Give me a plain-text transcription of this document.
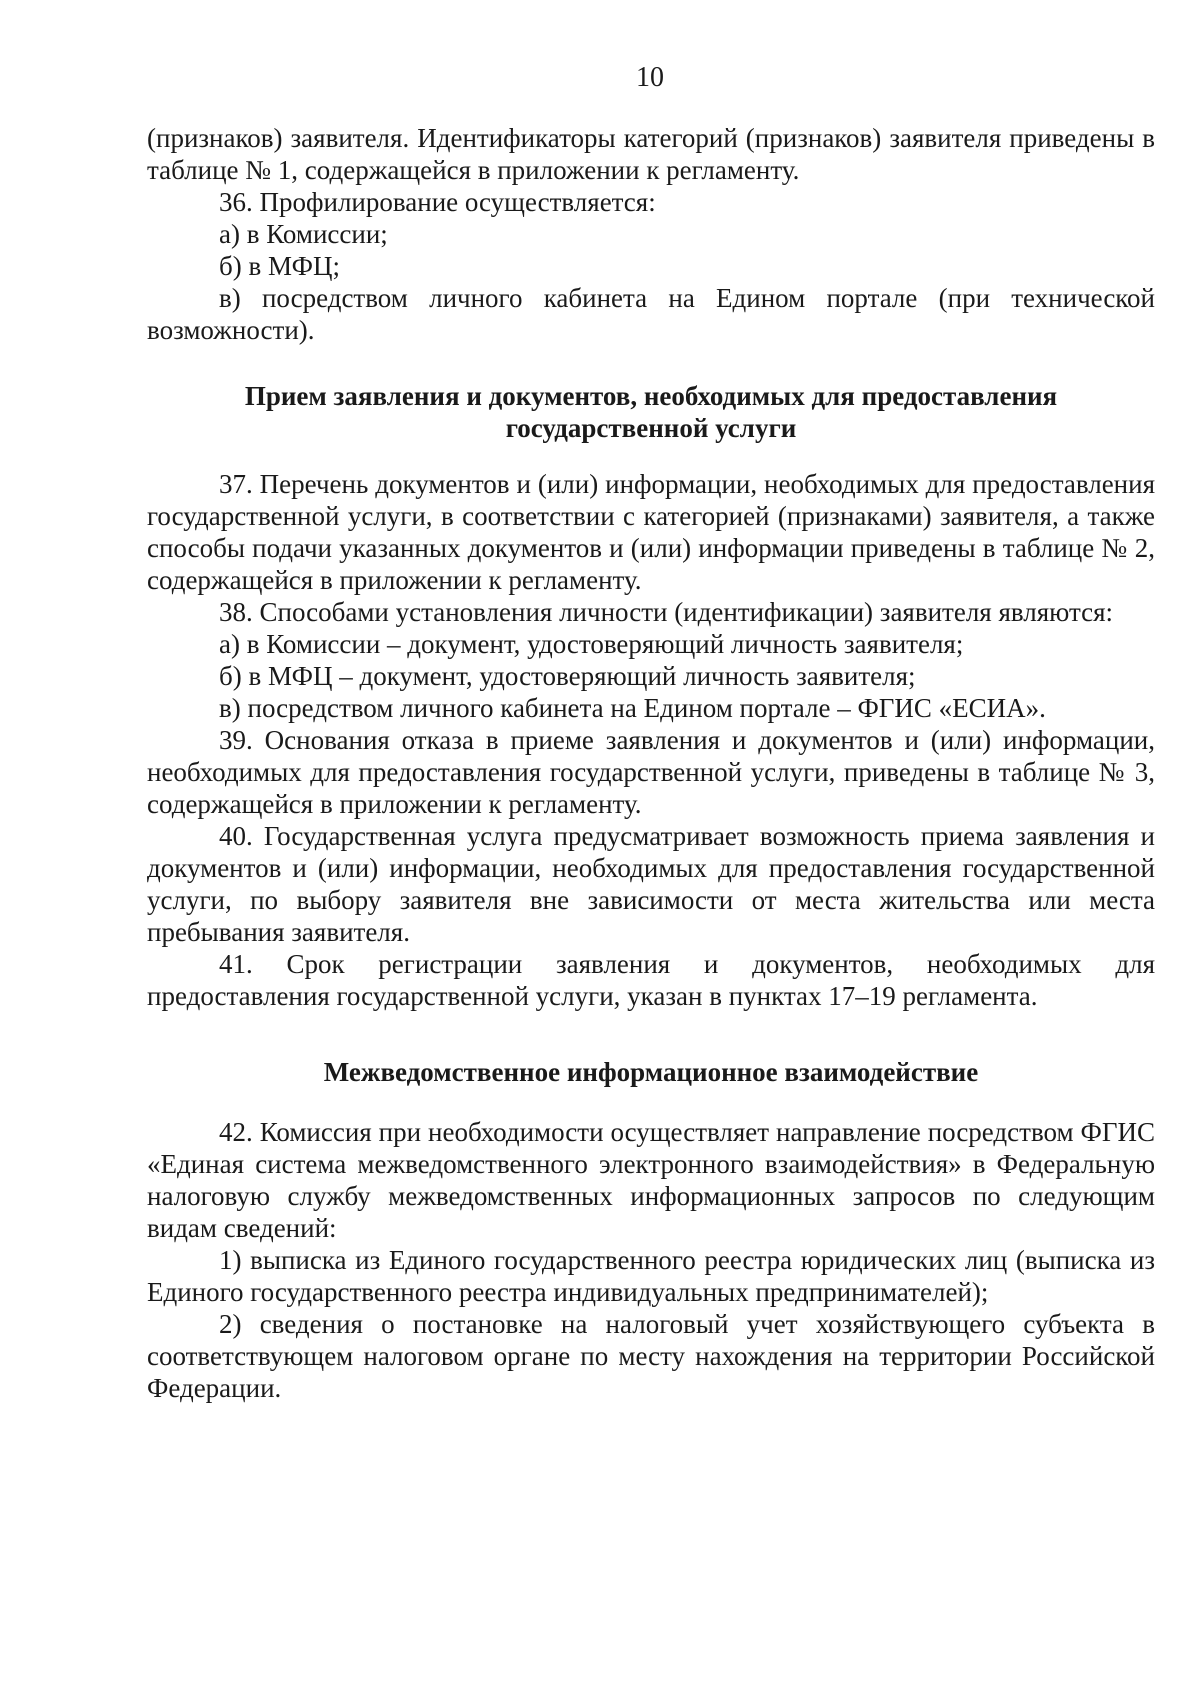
10

(признаков) заявителя. Идентификаторы категорий (признаков) заявителя приведены в таблице № 1, содержащейся в приложении к регламенту.

36. Профилирование осуществляется:

а) в Комиссии;

б) в МФЦ;

в) посредством личного кабинета на Едином портале (при технической возможности).

Прием заявления и документов, необходимых для предоставления

государственной услуги

37. Перечень документов и (или) информации, необходимых для предоставления государственной услуги, в соответствии с категорией (признаками) заявителя, а также способы подачи указанных документов и (или) информации приведены в таблице № 2, содержащейся в приложении к регламенту.

38. Способами установления личности (идентификации) заявителя являются:

а) в Комиссии – документ, удостоверяющий личность заявителя;

б) в МФЦ – документ, удостоверяющий личность заявителя;

в) посредством личного кабинета на Едином портале – ФГИС «ЕСИА».

39. Основания отказа в приеме заявления и документов и (или) информации, необходимых для предоставления государственной услуги, приведены в таблице № 3, содержащейся в приложении к регламенту.

40. Государственная услуга предусматривает возможность приема заявления и документов и (или) информации, необходимых для предоставления государственной услуги, по выбору заявителя вне зависимости от места жительства или места пребывания заявителя.

41. Срок регистрации заявления и документов, необходимых для предоставления государственной услуги, указан в пунктах 17–19 регламента.

Межведомственное информационное взаимодействие

42. Комиссия при необходимости осуществляет направление посредством ФГИС «Единая система межведомственного электронного взаимодействия» в Федеральную налоговую службу межведомственных информационных запросов по следующим видам сведений:

1) выписка из Единого государственного реестра юридических лиц (выписка из Единого государственного реестра индивидуальных предпринимателей);

2) сведения о постановке на налоговый учет хозяйствующего субъекта в соответствующем налоговом органе по месту нахождения на территории Российской Федерации.
